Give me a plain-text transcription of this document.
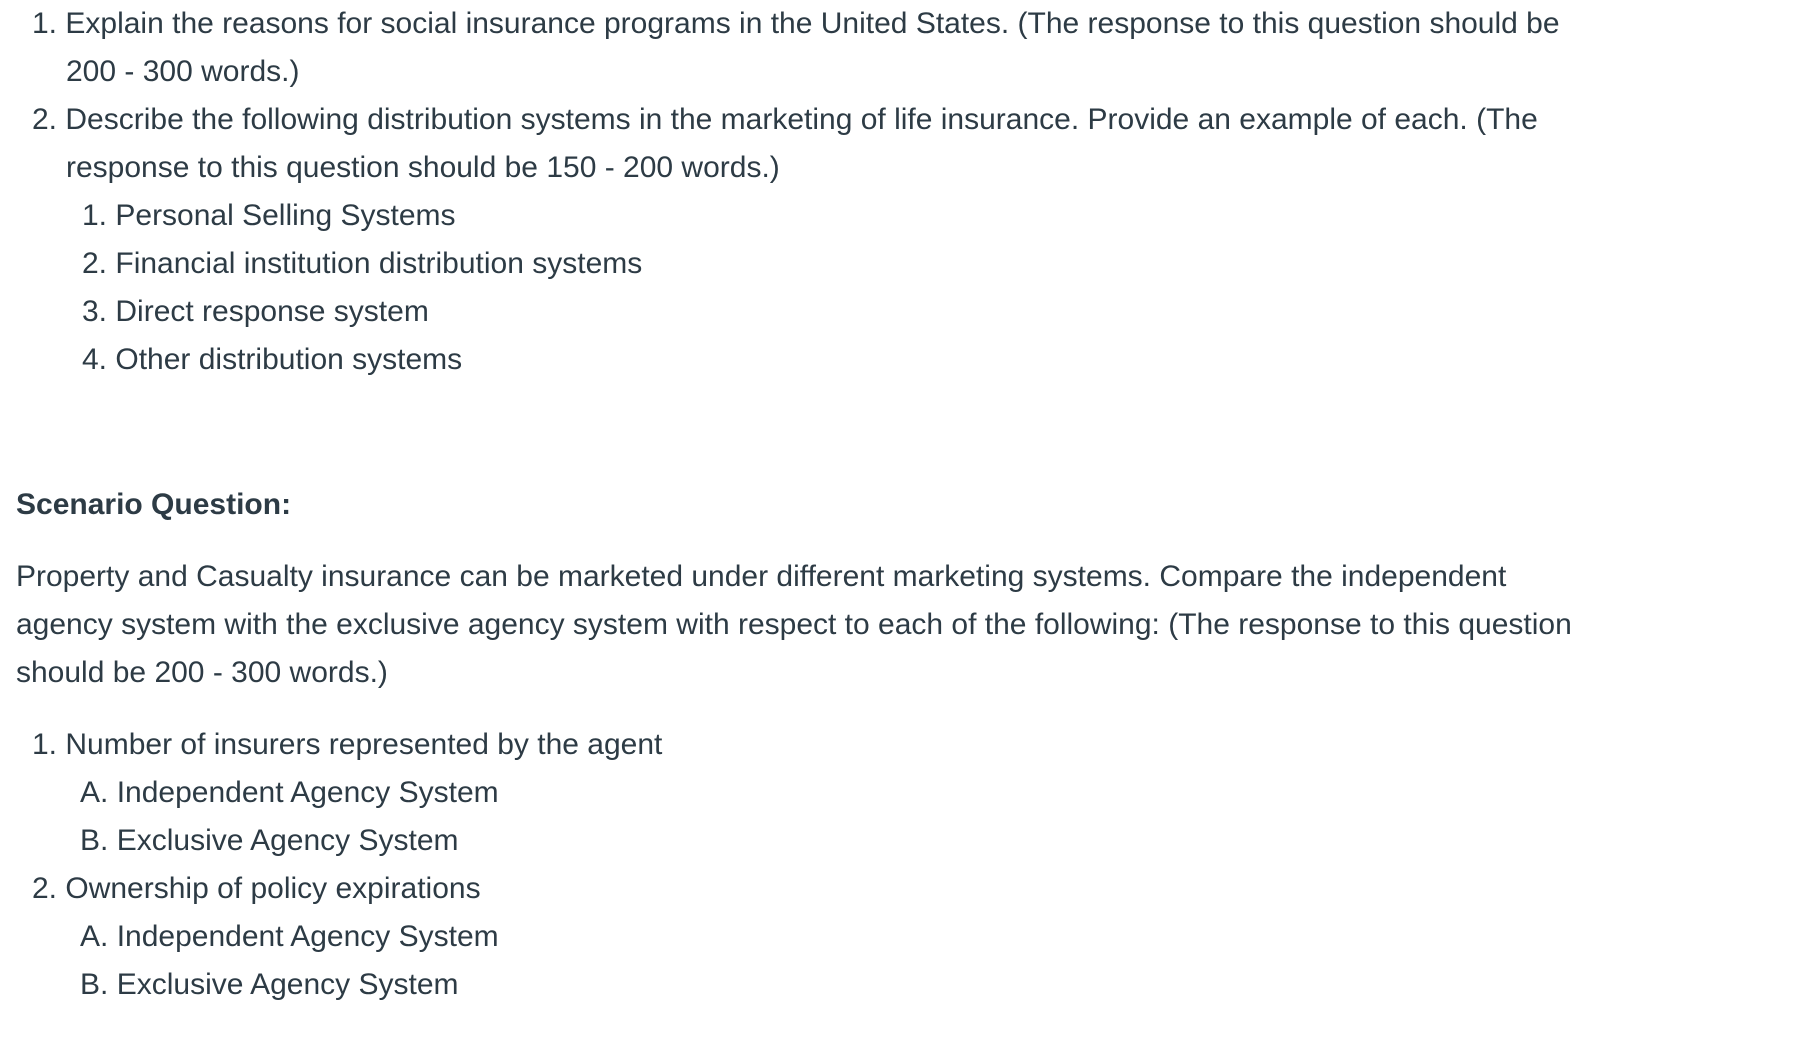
1. Explain the reasons for social insurance programs in the United States. (The response to this question should be
200 - 300 words.)
2. Describe the following distribution systems in the marketing of life insurance. Provide an example of each. (The
response to this question should be 150 - 200 words.)
1. Personal Selling Systems
2. Financial institution distribution systems
3. Direct response system
4. Other distribution systems
Scenario Question:
Property and Casualty insurance can be marketed under different marketing systems. Compare the independent
agency system with the exclusive agency system with respect to each of the following: (The response to this question
should be 200 - 300 words.)
1. Number of insurers represented by the agent
A. Independent Agency System
B. Exclusive Agency System
2. Ownership of policy expirations
A. Independent Agency System
B. Exclusive Agency System
